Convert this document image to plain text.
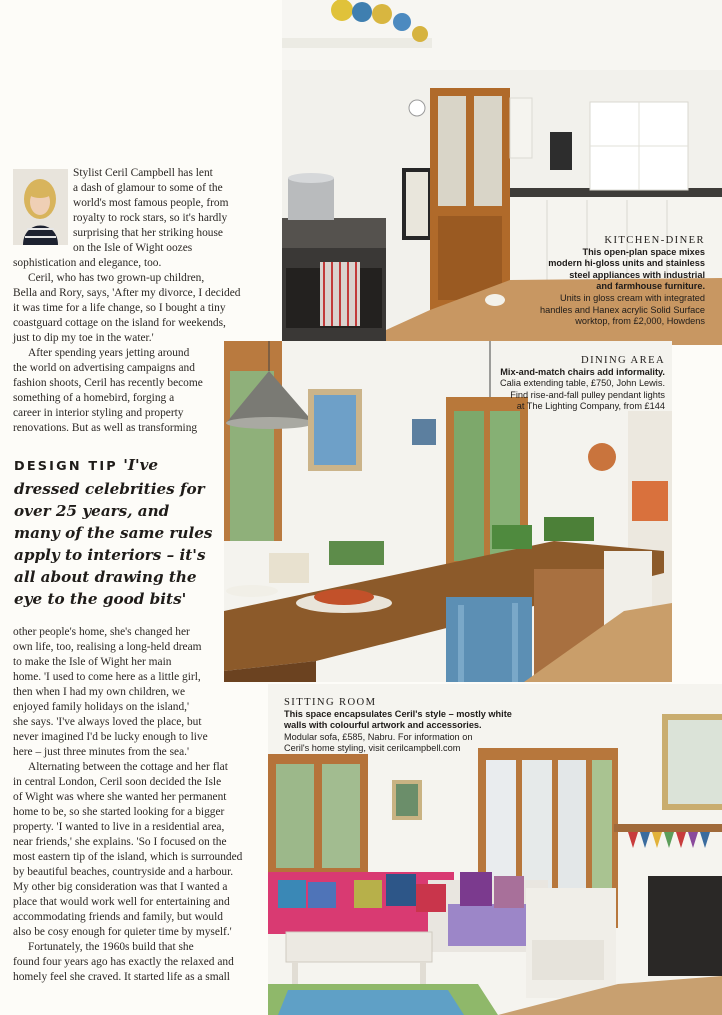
Stylist Ceril Campbell has lent
a dash of glamour to some of the
world's most famous people, from
royalty to rock stars, so it's hardly
surprising that her striking house
on the Isle of Wight oozes
sophistication and elegance, too.
Ceril, who has two grown-up children,
Bella and Rory, says, 'After my divorce, I decided
it was time for a life change, so I bought a tiny
coastguard cottage on the island for weekends,
just to dip my toe in the water.'
After spending years jetting around
the world on advertising campaigns and
fashion shoots, Ceril has recently become
something of a homebird, forging a
career in interior styling and property
renovations. But as well as transforming
DESIGN TIP 'I've dressed celebrities for over 25 years, and many of the same rules apply to interiors – it's all about drawing the eye to the good bits'
other people's home, she's changed her
own life, too, realising a long-held dream
to make the Isle of Wight her main
home. 'I used to come here as a little girl,
then when I had my own children, we
enjoyed family holidays on the island,'
she says. 'I've always loved the place, but
never imagined I'd be lucky enough to live
here – just three minutes from the sea.'
Alternating between the cottage and her flat
in central London, Ceril soon decided the Isle
of Wight was where she wanted her permanent
home to be, so she started looking for a bigger
property. 'I wanted to live in a residential area,
near friends,' she explains. 'So I focused on the
most eastern tip of the island, which is surrounded
by beautiful beaches, countryside and a harbour.
My other big consideration was that I wanted a
place that would work well for entertaining and
accommodating friends and family, but would
also be cosy enough for quieter time by myself.'
Fortunately, the 1960s build that she
found four years ago has exactly the relaxed and
homely feel she craved. It started life as a small
KITCHEN-DINER
This open-plan space mixes
modern hi-gloss units and stainless
steel appliances with industrial
and farmhouse furniture.
Units in gloss cream with integrated
handles and Hanex acrylic Solid Surface
worktop, from £2,000, Howdens
DINING AREA
Mix-and-match chairs add informality.
Calia extending table, £750, John Lewis.
Find rise-and-fall pulley pendant lights
at The Lighting Company, from £144
SITTING ROOM
This space encapsulates Ceril's style – mostly white
walls with colourful artwork and accessories.
Modular sofa, £585, Nabru. For information on
Ceril's home styling, visit cerilcampbell.com
